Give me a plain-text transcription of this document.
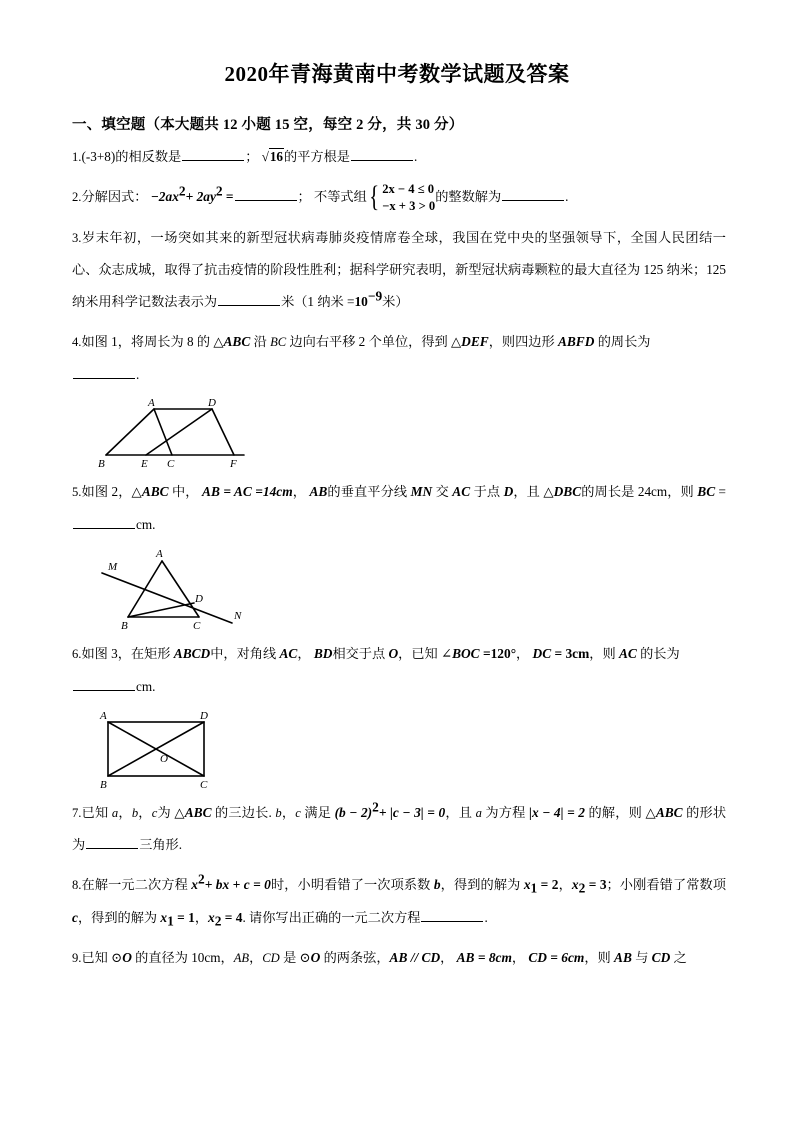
2020年青海黄南中考数学试题及答案
一、填空题（本大题共 12 小题 15 空，每空 2 分，共 30 分）

1.(-3+8)的相反数是	； √16的平方根是	.

2.分解因式： $-2ax^2+ 2ay^2$ =	； 不等式组 { 2x − 4 ≤ 0
−x + 3 > 0
的整数解为	.

3.岁末年初，一场突如其来的新型冠状病毒肺炎疫情席卷全球，我国在党中央的坚强领导下，全国人民团结一心、众志成城，取得了抗击疫情的阶段性胜利；据科学研究表明，新型冠状病毒颗粒的最大直径为 125 纳米；125 纳米用科学记数法表示为	米（1 纳米 $=10^{-9}$米）

4.如图 1，将周长为 8 的 △ABC 沿 BC 边向右平移 2 个单位，得到 △DEF，则四边形 ABFD 的周长为
.

A	D
B	E C	F

5.如图 2，△ABC 中， AB = AC =14cm， AB的垂直平分线 MN 交 AC 于点 D，且 △DBC的周长是 24cm，则 BC =cm.

A
M
D
N
B	C

6.如图 3，在矩形 ABCD中，对角线 AC， BD相交于点 O，已知 ∠BOC =120°， DC = 3cm，则 AC 的长为
cm.

A	D
O
B	C

7.已知 a，b，c为 △ABC 的三边长. b，c 满足 $(b - 2)^2+ |c - 3| = 0$，且 a 为方程 |x − 4| = 2 的解，则 △ABC 的形状为	三角形.

8.在解一元二次方程 $x^2+$ bx + c = 0时，小明看错了一次项系数 b，得到的解为 $x_1 = 2$，$x_2 = 3$；小刚看错了常数项 c，得到的解为 $x_1 = 1$，$x_2 = 4$. 请你写出正确的一元二次方程	.

9.已知 ⊙O 的直径为 10cm，AB，CD 是 ⊙O 的两条弦，AB // CD， AB = 8cm， CD = 6cm，则 AB 与 CD 之
